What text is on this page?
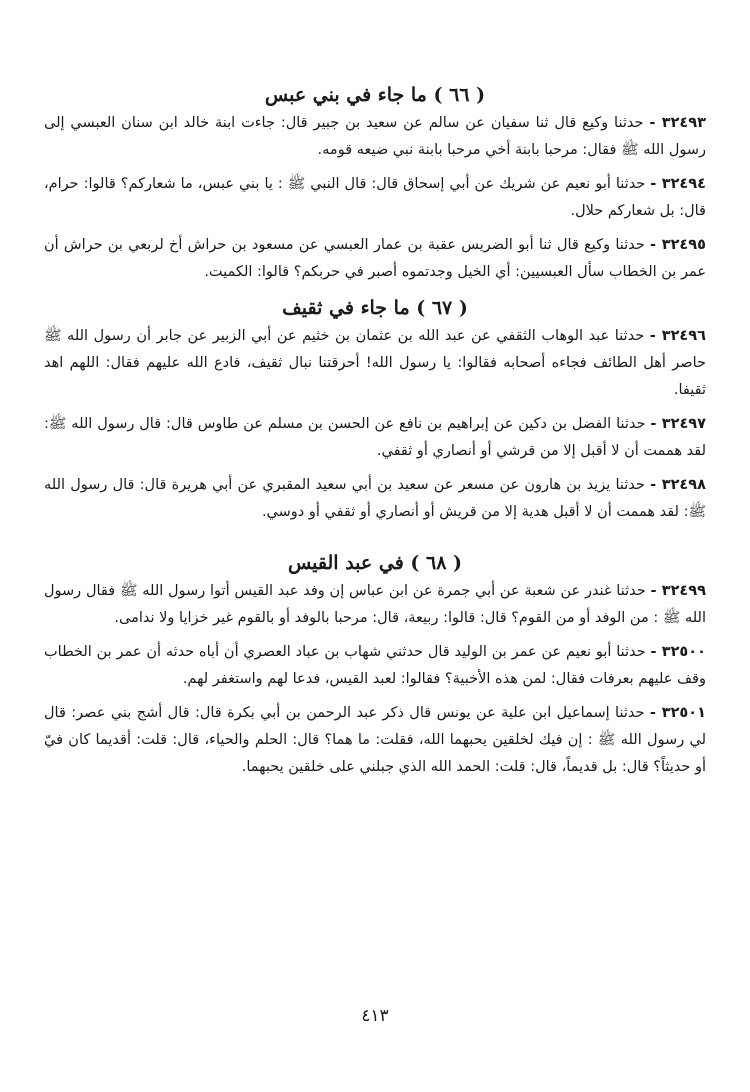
( ٦٦ ) ما جاء في بني عبس

٣٢٤٩٣ - حدثنا وكيع قال ثنا سفيان عن سالم عن سعيد بن جبير قال: جاءت ابنة خالد ابن سنان العبسي إلى رسول الله ﷺ فقال: مرحبا بابنة أخي مرحبا بابنة نبي ضيعه قومه.

٣٢٤٩٤ - حدثنا أبو نعيم عن شريك عن أبي إسحاق قال: قال النبي ﷺ : يا بني عبس، ما شعاركم؟ قالوا: حرام، قال: بل شعاركم حلال.

٣٢٤٩٥ - حدثنا وكيع قال ثنا أبو الضريس عقبة بن عمار العبسي عن مسعود بن حراش أخ لربعي بن حراش أن عمر بن الخطاب سأل العبسيين: أي الخيل وجدتموه أصبر في حربكم؟ قالوا: الكميت.

( ٦٧ ) ما جاء في ثقيف

٣٢٤٩٦ - حدثنا عبد الوهاب الثقفي عن عبد الله بن عثمان بن خثيم عن أبي الزبير عن جابر أن رسول الله ﷺ حاصر أهل الطائف فجاءه أصحابه فقالوا: يا رسول الله! أحرقتنا نبال ثقيف، فادع الله عليهم فقال: اللهم اهد ثقيفا.

٣٢٤٩٧ - حدثنا الفضل بن دكين عن إبراهيم بن نافع عن الحسن بن مسلم عن طاوس قال: قال رسول الله ﷺ: لقد هممت أن لا أقبل إلا من قرشي أو أنصاري أو ثقفي.

٣٢٤٩٨ - حدثنا يزيد بن هارون عن مسعر عن سعيد بن أبي سعيد المقبري عن أبي هريرة قال: قال رسول الله ﷺ: لقد هممت أن لا أقبل هدية إلا من قريش أو أنصاري أو ثقفي أو دوسي.

( ٦٨ ) في عبد القيس

٣٢٤٩٩ - حدثنا غندر عن شعبة عن أبي جمرة عن ابن عباس إن وفد عبد القيس أتوا رسول الله ﷺ فقال رسول الله ﷺ : من الوفد أو من القوم؟ قال: قالوا: ربيعة، قال: مرحبا بالوفد أو بالقوم غير خزايا ولا ندامى.

٣٢٥٠٠ - حدثنا أبو نعيم عن عمر بن الوليد قال حدثني شهاب بن عباد العصري أن أباه حدثه أن عمر بن الخطاب وقف عليهم بعرفات فقال: لمن هذه الأخبية؟ فقالوا: لعبد القيس، فدعا لهم واستغفر لهم.

٣٢٥٠١ - حدثنا إسماعيل ابن علية عن يونس قال ذكر عبد الرحمن بن أبي بكرة قال: قال أشج بني عصر: قال لي رسول الله ﷺ : إن فيك لخلقين يحبهما الله، فقلت: ما هما؟ قال: الحلم والحياء، قال: قلت: أقديما كان فيّ أو حديثاً؟ قال: بل قديماً، قال: قلت: الحمد الله الذي جبلني على خلقين يحبهما.

٤١٣
